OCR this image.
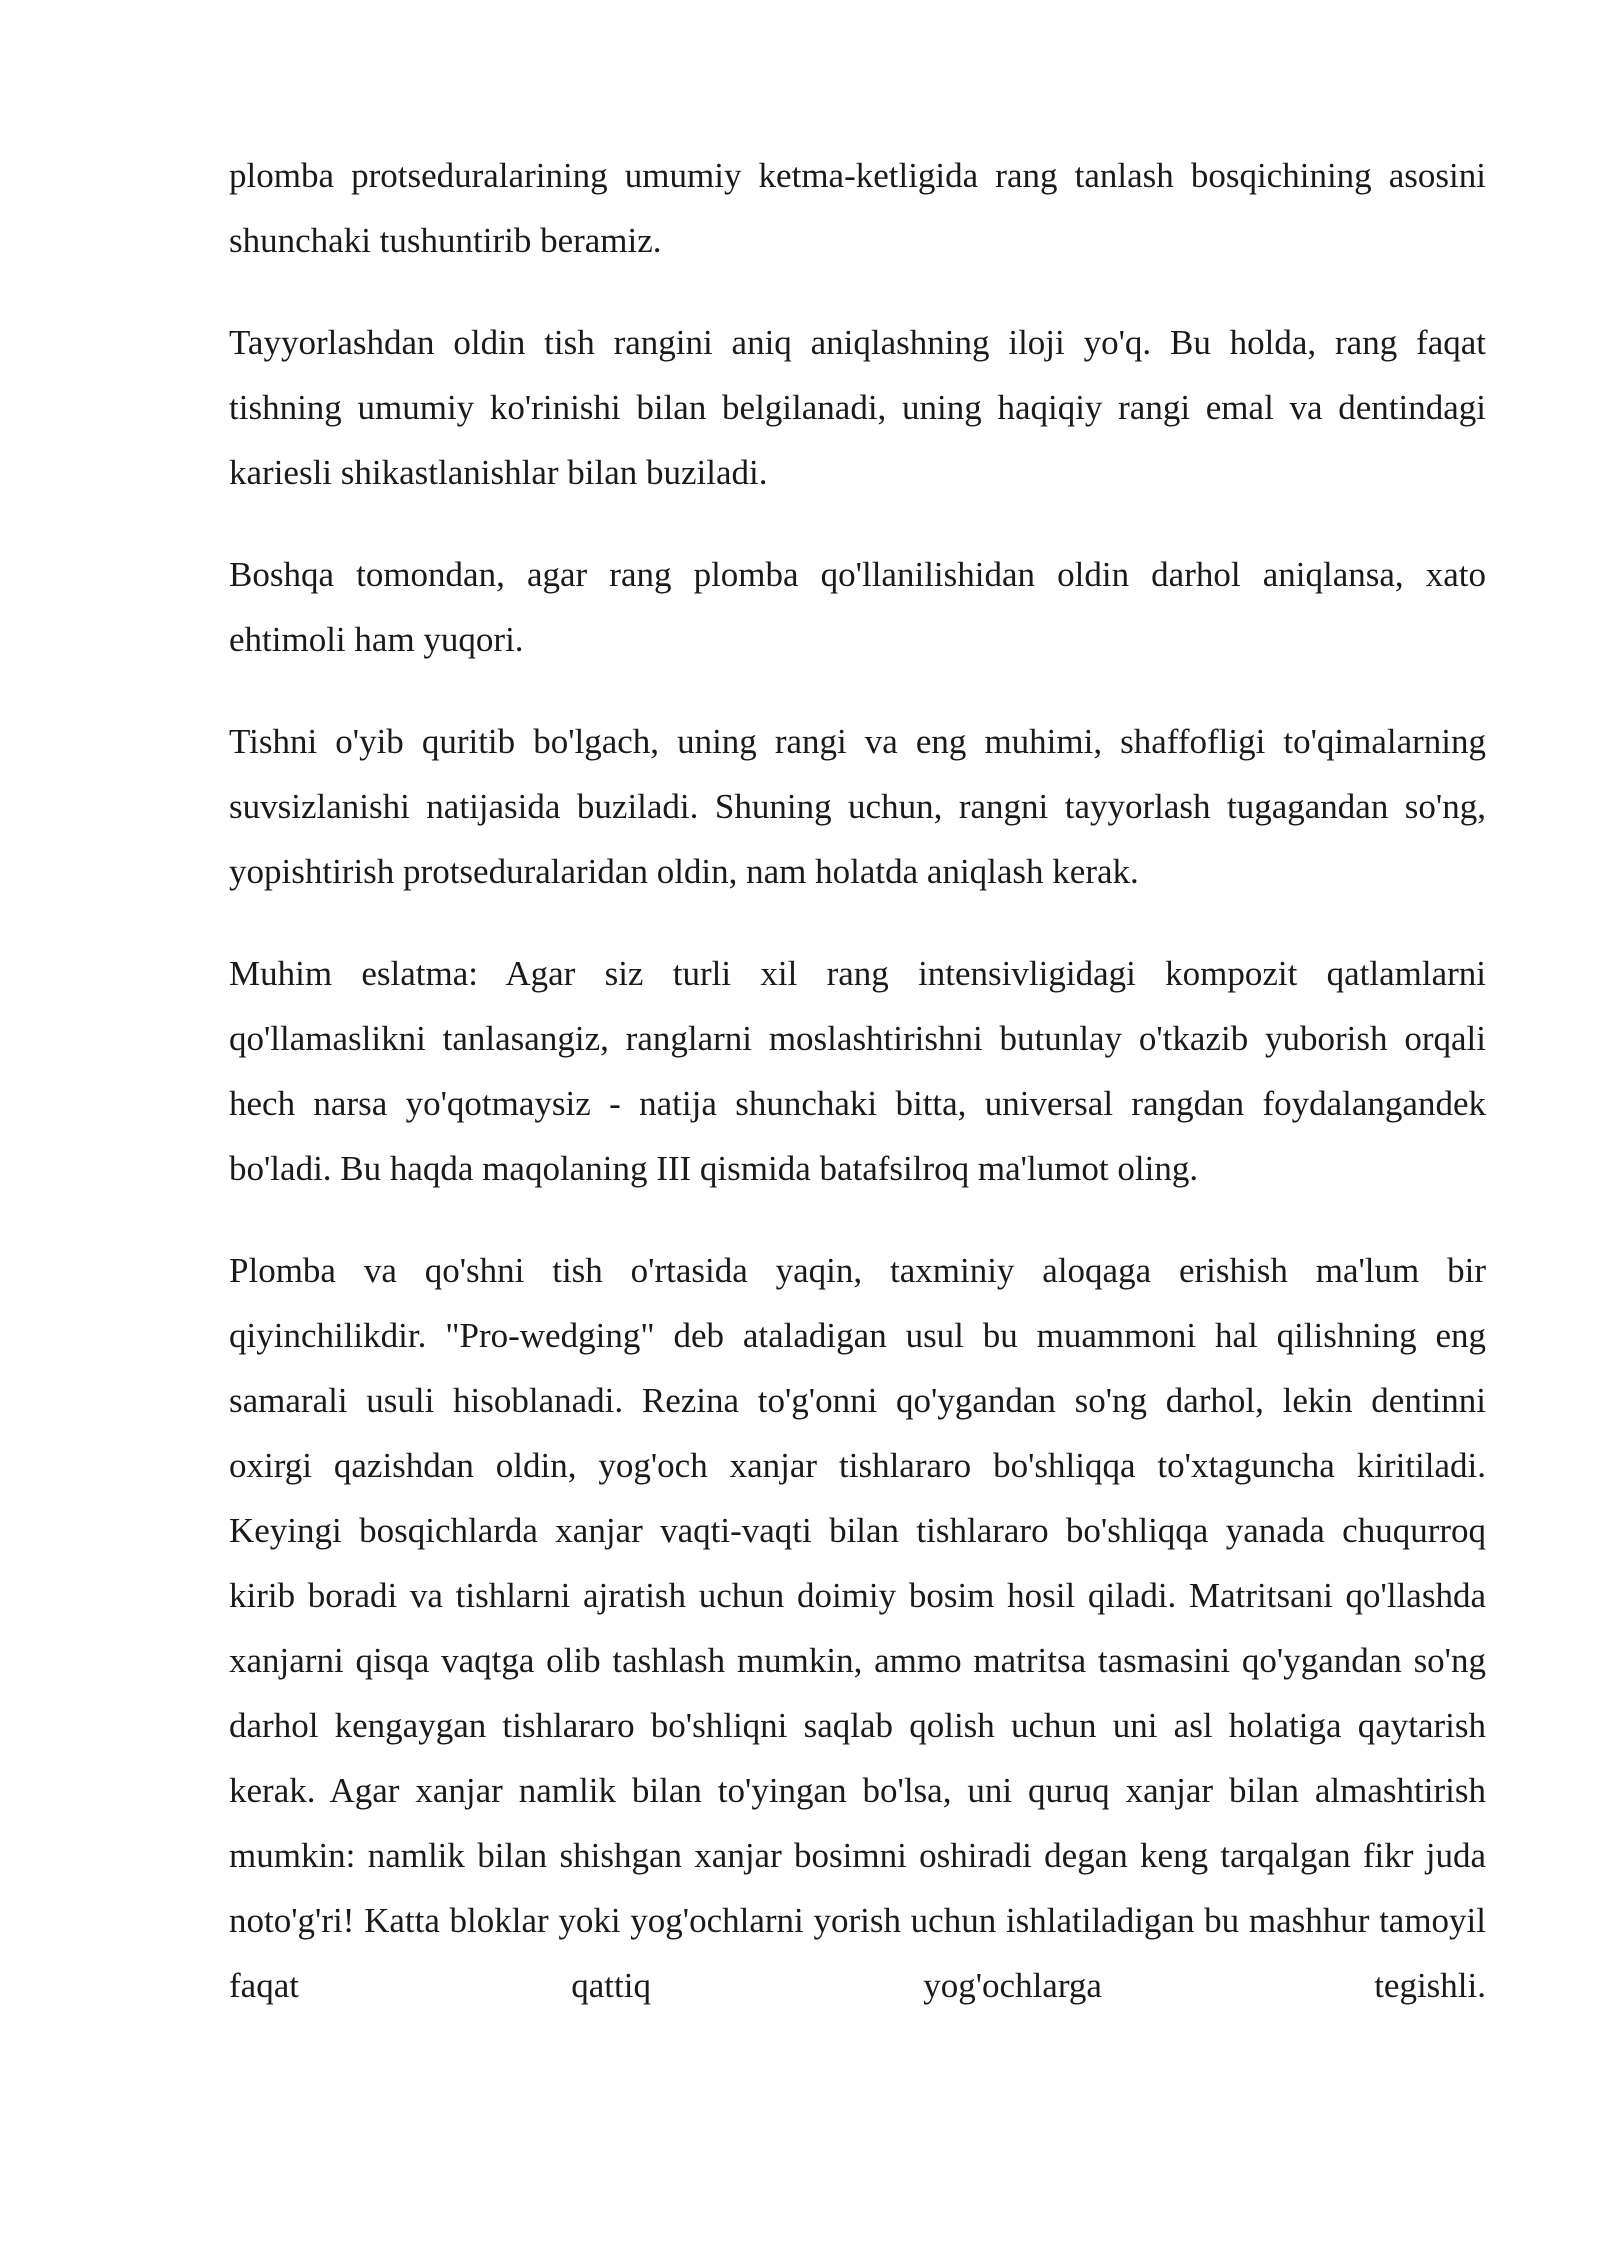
plomba protseduralarining umumiy ketma-ketligida rang tanlash bosqichining asosini shunchaki tushuntirib beramiz.

Tayyorlashdan oldin tish rangini aniq aniqlashning iloji yo'q. Bu holda, rang faqat tishning umumiy ko'rinishi bilan belgilanadi, uning haqiqiy rangi emal va dentindagi kariesli shikastlanishlar bilan buziladi.

Boshqa tomondan, agar rang plomba qo'llanilishidan oldin darhol aniqlansa, xato ehtimoli ham yuqori.

Tishni o'yib quritib bo'lgach, uning rangi va eng muhimi, shaffofligi to'qimalarning suvsizlanishi natijasida buziladi. Shuning uchun, rangni tayyorlash tugagandan so'ng, yopishtirish protseduralaridan oldin, nam holatda aniqlash kerak.

Muhim eslatma: Agar siz turli xil rang intensivligidagi kompozit qatlamlarni qo'llamaslikni tanlasangiz, ranglarni moslashtirishni butunlay o'tkazib yuborish orqali hech narsa yo'qotmaysiz - natija shunchaki bitta, universal rangdan foydalangandek bo'ladi. Bu haqda maqolaning III qismida batafsilroq ma'lumot oling.

Plomba va qo'shni tish o'rtasida yaqin, taxminiy aloqaga erishish ma'lum bir qiyinchilikdir. "Pro-wedging" deb ataladigan usul bu muammoni hal qilishning eng samarali usuli hisoblanadi. Rezina to'g'onni qo'ygandan so'ng darhol, lekin dentinni oxirgi qazishdan oldin, yog'och xanjar tishlararo bo'shliqqa to'xtaguncha kiritiladi. Keyingi bosqichlarda xanjar vaqti-vaqti bilan tishlararo bo'shliqqa yanada chuqurroq kirib boradi va tishlarni ajratish uchun doimiy bosim hosil qiladi. Matritsani qo'llashda xanjarni qisqa vaqtga olib tashlash mumkin, ammo matritsa tasmasini qo'ygandan so'ng darhol kengaygan tishlararo bo'shliqni saqlab qolish uchun uni asl holatiga qaytarish kerak. Agar xanjar namlik bilan to'yingan bo'lsa, uni quruq xanjar bilan almashtirish mumkin: namlik bilan shishgan xanjar bosimni oshiradi degan keng tarqalgan fikr juda noto'g'ri! Katta bloklar yoki yog'ochlarni yorish uchun ishlatiladigan bu mashhur tamoyil faqat qattiq yog'ochlarga tegishli.
